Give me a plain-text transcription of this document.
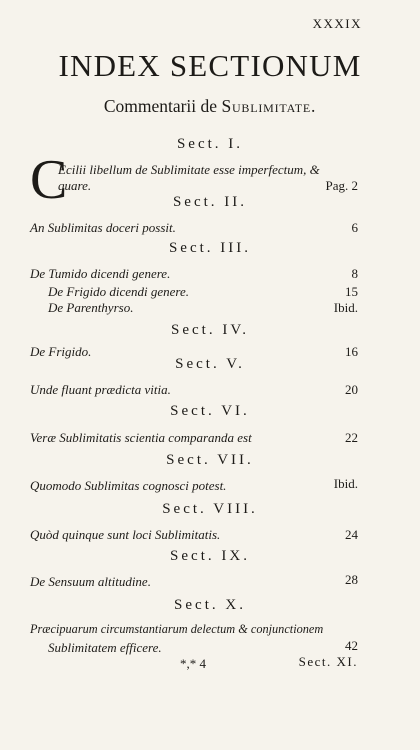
XXXIX
INDEX SECTIONUM
Commentarii de Sublimitate.
Sect. I.
C
Ecilii libellum de Sublimitate esse imperfectum, &
quare.	Pag. 2
Sect. II.
An Sublimitas doceri possit.	6
Sect. III.
De Tumido dicendi genere.	8
De Frigido dicendi genere.	15
De Parenthyrso.	Ibid.
Sect. IV.
De Frigido.	16
Sect. V.
Unde fluant prædicta vitia.	20
Sect. VI.
Veræ Sublimitatis scientia comparanda est	22
Sect. VII.
Quomodo Sublimitas cognosci potest.	Ibid.
Sect. VIII.
Quòd quinque sunt loci Sublimitatis.	24
Sect. IX.
De Sensuum altitudine.	28
Sect. X.
Præcipuarum circumstantiarum delectum & conjunctionem
Sublimitatem efficere.	42
*,* 4	Sect. XI.
